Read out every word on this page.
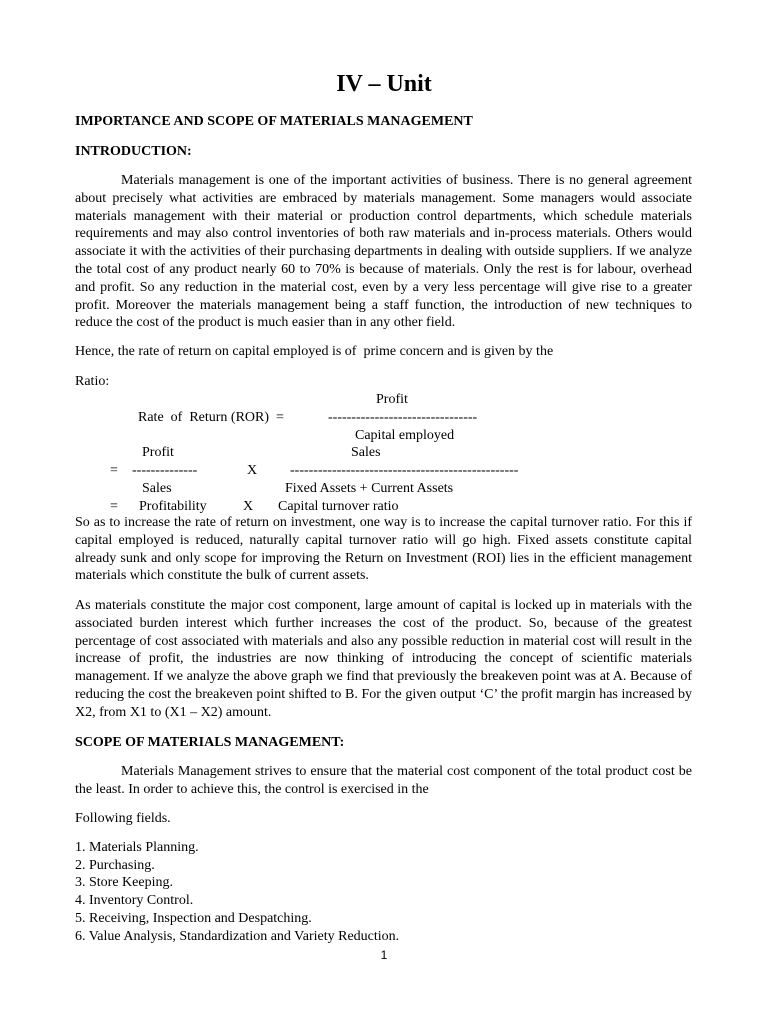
IV – Unit
IMPORTANCE AND SCOPE OF MATERIALS MANAGEMENT
INTRODUCTION:
Materials management is one of the important activities of business. There is no general agreement about precisely what activities are embraced by materials management. Some managers would associate materials management with their material or production control departments, which schedule materials requirements and may also control inventories of both raw materials and in-process materials. Others would associate it with the activities of their purchasing departments in dealing with outside suppliers. If we analyze the total cost of any product nearly 60 to 70% is because of materials. Only the rest is for labour, overhead and profit. So any reduction in the material cost, even by a very less percentage will give rise to a greater profit. Moreover the materials management being a staff function, the introduction of new techniques to reduce the cost of the product is much easier than in any other field.
Hence, the rate of return on capital employed is of  prime concern and is given by the
Ratio:
Profit
Rate  of  Return (ROR)  =	--------------------------------
Capital employed
Profit	Sales
= --------------	X -------------------------------------------------
Sales	Fixed Assets + Current Assets
= Profitability	X Capital turnover ratio
So as to increase the rate of return on investment, one way is to increase the capital turnover ratio. For this if capital employed is reduced, naturally capital turnover ratio will go high. Fixed assets constitute capital already sunk and only scope for improving the Return on Investment (ROI) lies in the efficient management materials which constitute the bulk of current assets.
As materials constitute the major cost component, large amount of capital is locked up in materials with the associated burden interest which further increases the cost of the product. So, because of the greatest percentage of cost associated with materials and also any possible reduction in material cost will result in the increase of profit, the industries are now thinking of introducing the concept of scientific materials management. If we analyze the above graph we find that previously the breakeven point was at A. Because of reducing the cost the breakeven point shifted to B. For the given output ‘C’ the profit margin has increased by X2, from X1 to (X1 – X2) amount.
SCOPE OF MATERIALS MANAGEMENT:
Materials Management strives to ensure that the material cost component of the total product cost be the least. In order to achieve this, the control is exercised in the
Following fields.
1. Materials Planning.
2. Purchasing.
3. Store Keeping.
4. Inventory Control.
5. Receiving, Inspection and Despatching.
6. Value Analysis, Standardization and Variety Reduction.
1
